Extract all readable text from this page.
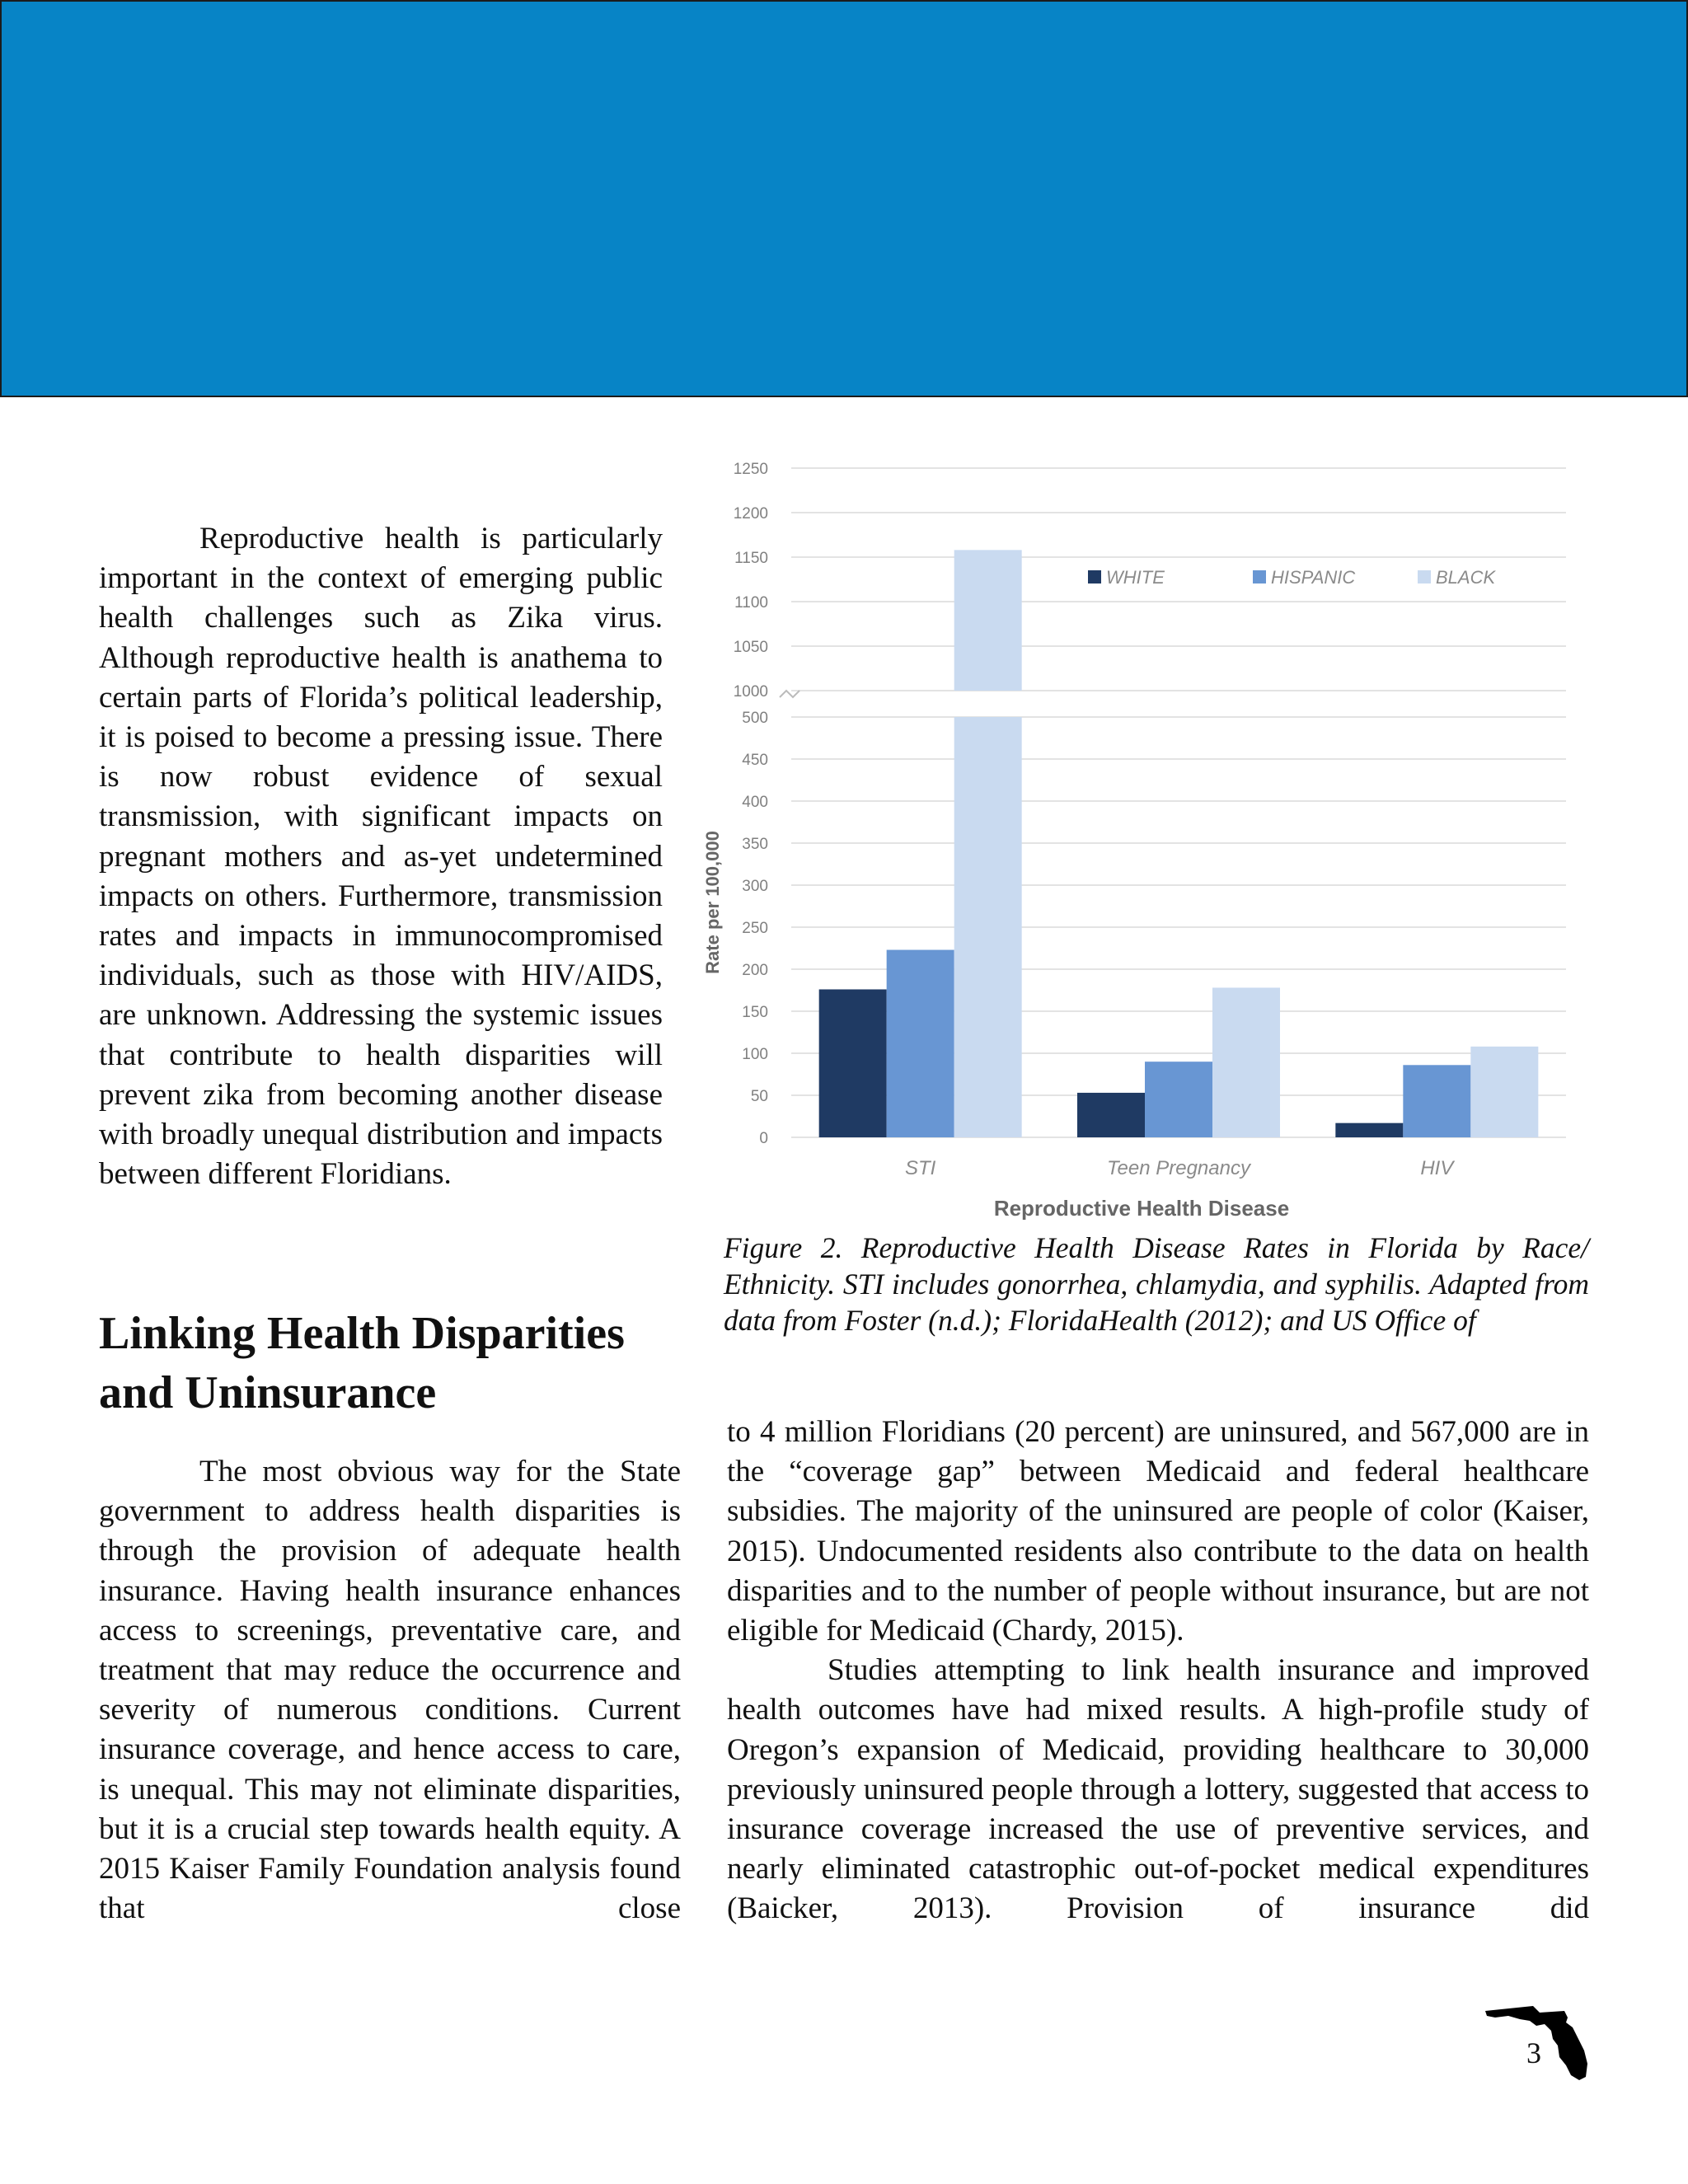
Reproductive health is particularly important in the context of emerging public health challenges such as Zika virus. Although reproductive health is anathema to certain parts of Florida’s political leadership, it is poised to become a pressing issue. There is now robust evidence of sexual transmission, with significant impacts on pregnant mothers and as-yet undetermined impacts on others. Furthermore, transmission rates and impacts in immunocompromised individuals, such as those with HIV/AIDS, are unknown. Addressing the systemic issues that contribute to health disparities will prevent zika from becoming another disease with broadly unequal distribution and impacts between different Floridians.

Linking Health Disparities and Uninsurance

The most obvious way for the State government to address health disparities is through the provision of adequate health insurance. Having health insurance enhances access to screenings, preventative care, and treatment that may reduce the occurrence and severity of numerous conditions. Current insurance coverage, and hence access to care, is unequal. This may not eliminate disparities, but it is a crucial step towards health equity. A 2015 Kaiser Family Foundation analysis found that close

0
50
100
150
200
250
300
350
400
450
500
1000
1050
1100
1150
1200
1250
STI	Teen Pregnancy	HIV
WHITE	HISPANIC	BLACK
Rate per 100,000
Reproductive Health Disease

Figure 2. Reproductive Health Disease Rates in Florida by Race/ Ethnicity. STI includes gonorrhea, chlamydia, and syphilis. Adapted from data from Foster (n.d.); FloridaHealth (2012); and US Office of

to 4 million Floridians (20 percent) are uninsured, and 567,000 are in the “coverage gap” between Medicaid and federal healthcare subsidies. The majority of the uninsured are people of color (Kaiser, 2015). Undocumented residents also contribute to the data on health disparities and to the number of people without insurance, but are not eligible for Medicaid (Chardy, 2015).

Studies attempting to link health insurance and improved health outcomes have had mixed results. A high-profile study of Oregon’s expansion of Medicaid, providing healthcare to 30,000 previously uninsured people through a lottery, suggested that access to insurance coverage increased the use of preventive services, and nearly eliminated catastrophic out-of-pocket medical expenditures (Baicker, 2013). Provision of insurance did

3
